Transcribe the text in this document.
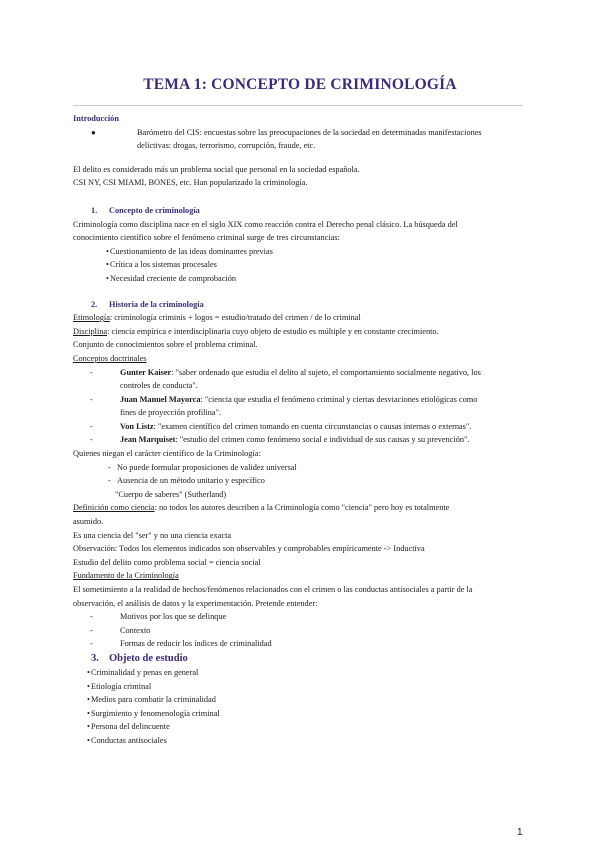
TEMA 1: CONCEPTO DE CRIMINOLOGÍA
Introducción
●	Barómetro del CIS: encuestas sobre las preocupaciones de la sociedad en determinadas manifestaciones
delictivas: drogas, terrorismo, corrupción, fraude, etc.
El delito es considerado más un problema social que personal en la sociedad española.
CSI NY, CSI MIAMI, BONES, etc. Han popularizado la criminología.
1. Concepto de criminología
Criminología como disciplina nace en el siglo XIX como reacción contra el Derecho penal clásico. La búsqueda del
conocimiento científico sobre el fenómeno criminal surge de tres circunstancias:
• Cuestionamiento de las ideas dominantes previas
• Crítica a los sistemas procesales
• Necesidad creciente de comprobación
2. Historia de la criminología
Etimología: criminología criminis + logos = estudio/tratado del crimen / de lo criminal
Disciplina: ciencia empírica e interdisciplinaria cuyo objeto de estudio es múltiple y en constante crecimiento.
Conjunto de conocimientos sobre el problema criminal.
Conceptos doctrinales
-	Gunter Kaiser: "saber ordenado que estudia el delito al sujeto, el comportamiento socialmente negativo, los
controles de conducta".
-	Juan Manuel Mayorca: "ciencia que estudia el fenómeno criminal y ciertas desviaciones etiológicas como
fines de proyección profilina".
-	Von Listz: "examen científico del crimen tomando en cuenta circunstancias o causas internas o externas".
-	Jean Marquiset: "estudio del crimen como fenómeno social e individual de sus causas y su prevención".
Quienes niegan el carácter científico de la Criminología:
- No puede formular proposiciones de validez universal
- Ausencia de un método unitario y específico
"Cuerpo de saberes" (Sutherland)
Definición como ciencia: no todos los autores describen a la Criminología como "ciencia" pero hoy es totalmente
asumido.
Es una ciencia del "ser" y no una ciencia exacta
Observación: Todos los elementos indicados son observables y comprobables empíricamente -> Inductiva
Estudio del delito como problema social = ciencia social
Fundamento de la Criminología
El sometimiento a la realidad de hechos/fenómenos relacionados con el crimen o las conductas antisociales a partir de la
observación, el análisis de datos y la experimentación. Pretende entender:
-	Motivos por los que se delinque
-	Contexto
-	Formas de reducir los índices de criminalidad
3. Objeto de estudio
• Criminalidad y penas en general
• Etiología criminal
• Medios para combatir la criminalidad
• Surgimiento y fenomenología criminal
• Persona del delincuente
• Conductas antisociales
1
